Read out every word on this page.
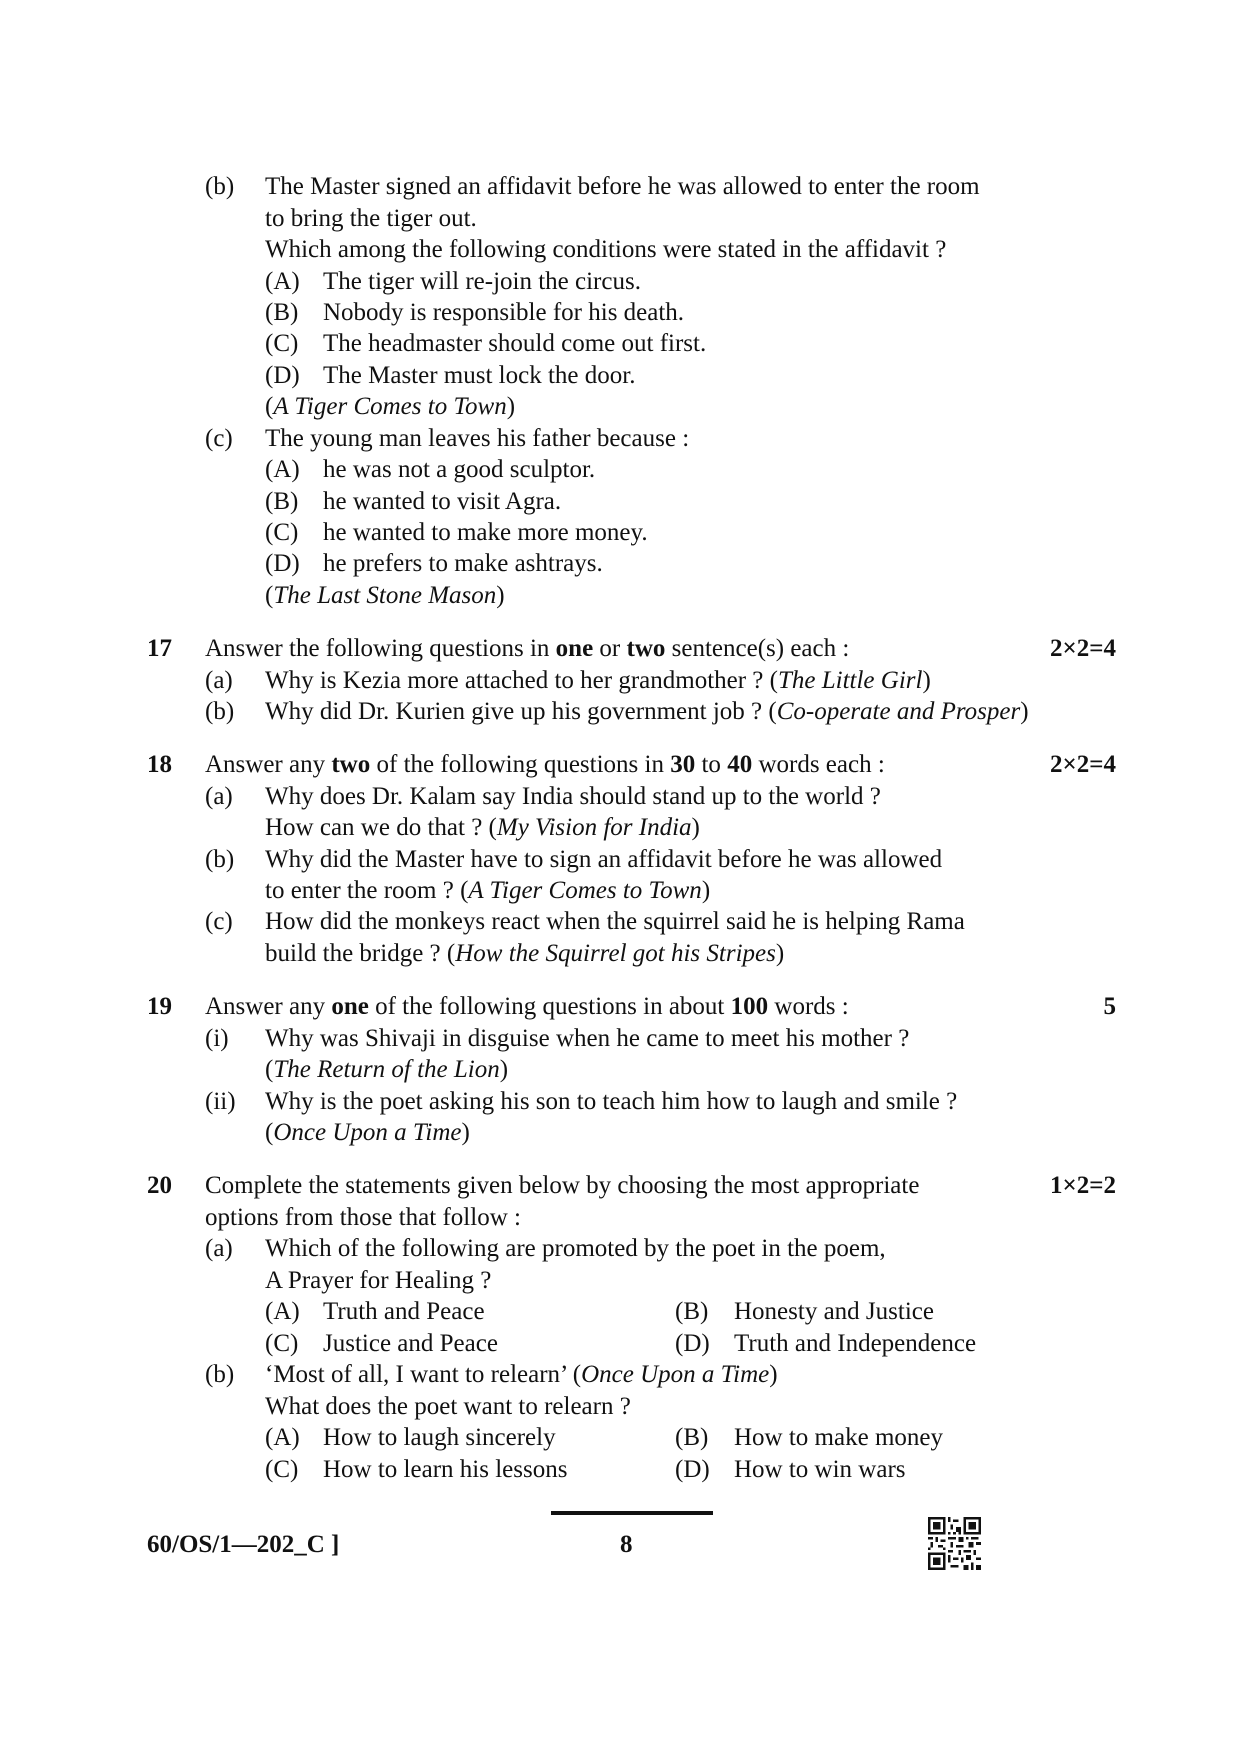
(b) The Master signed an affidavit before he was allowed to enter the room
to bring the tiger out.
Which among the following conditions were stated in the affidavit ?
(A) The tiger will re-join the circus.
(B) Nobody is responsible for his death.
(C) The headmaster should come out first.
(D) The Master must lock the door.
(A Tiger Comes to Town)
(c) The young man leaves his father because :
(A) he was not a good sculptor.
(B) he wanted to visit Agra.
(C) he wanted to make more money.
(D) he prefers to make ashtrays.
(The Last Stone Mason)
17 Answer the following questions in one or two sentence(s) each :	2×2=4
(a) Why is Kezia more attached to her grandmother ? (The Little Girl)
(b) Why did Dr. Kurien give up his government job ? (Co-operate and Prosper)
18 Answer any two of the following questions in 30 to 40 words each :	2×2=4
(a) Why does Dr. Kalam say India should stand up to the world ?
How can we do that ? (My Vision for India)
(b) Why did the Master have to sign an affidavit before he was allowed
to enter the room ? (A Tiger Comes to Town)
(c) How did the monkeys react when the squirrel said he is helping Rama
build the bridge ? (How the Squirrel got his Stripes)
19 Answer any one of the following questions in about 100 words :	5
(i) Why was Shivaji in disguise when he came to meet his mother ?
(The Return of the Lion)
(ii) Why is the poet asking his son to teach him how to laugh and smile ?
(Once Upon a Time)
20 Complete the statements given below by choosing the most appropriate	1×2=2
options from those that follow :
(a) Which of the following are promoted by the poet in the poem,
A Prayer for Healing ?
(A) Truth and Peace	(B) Honesty and Justice
(C) Justice and Peace	(D) Truth and Independence
(b) ‘Most of all, I want to relearn’ (Once Upon a Time)
What does the poet want to relearn ?
(A) How to laugh sincerely	(B) How to make money
(C) How to learn his lessons	(D) How to win wars
60/OS/1—202_C ]	8
